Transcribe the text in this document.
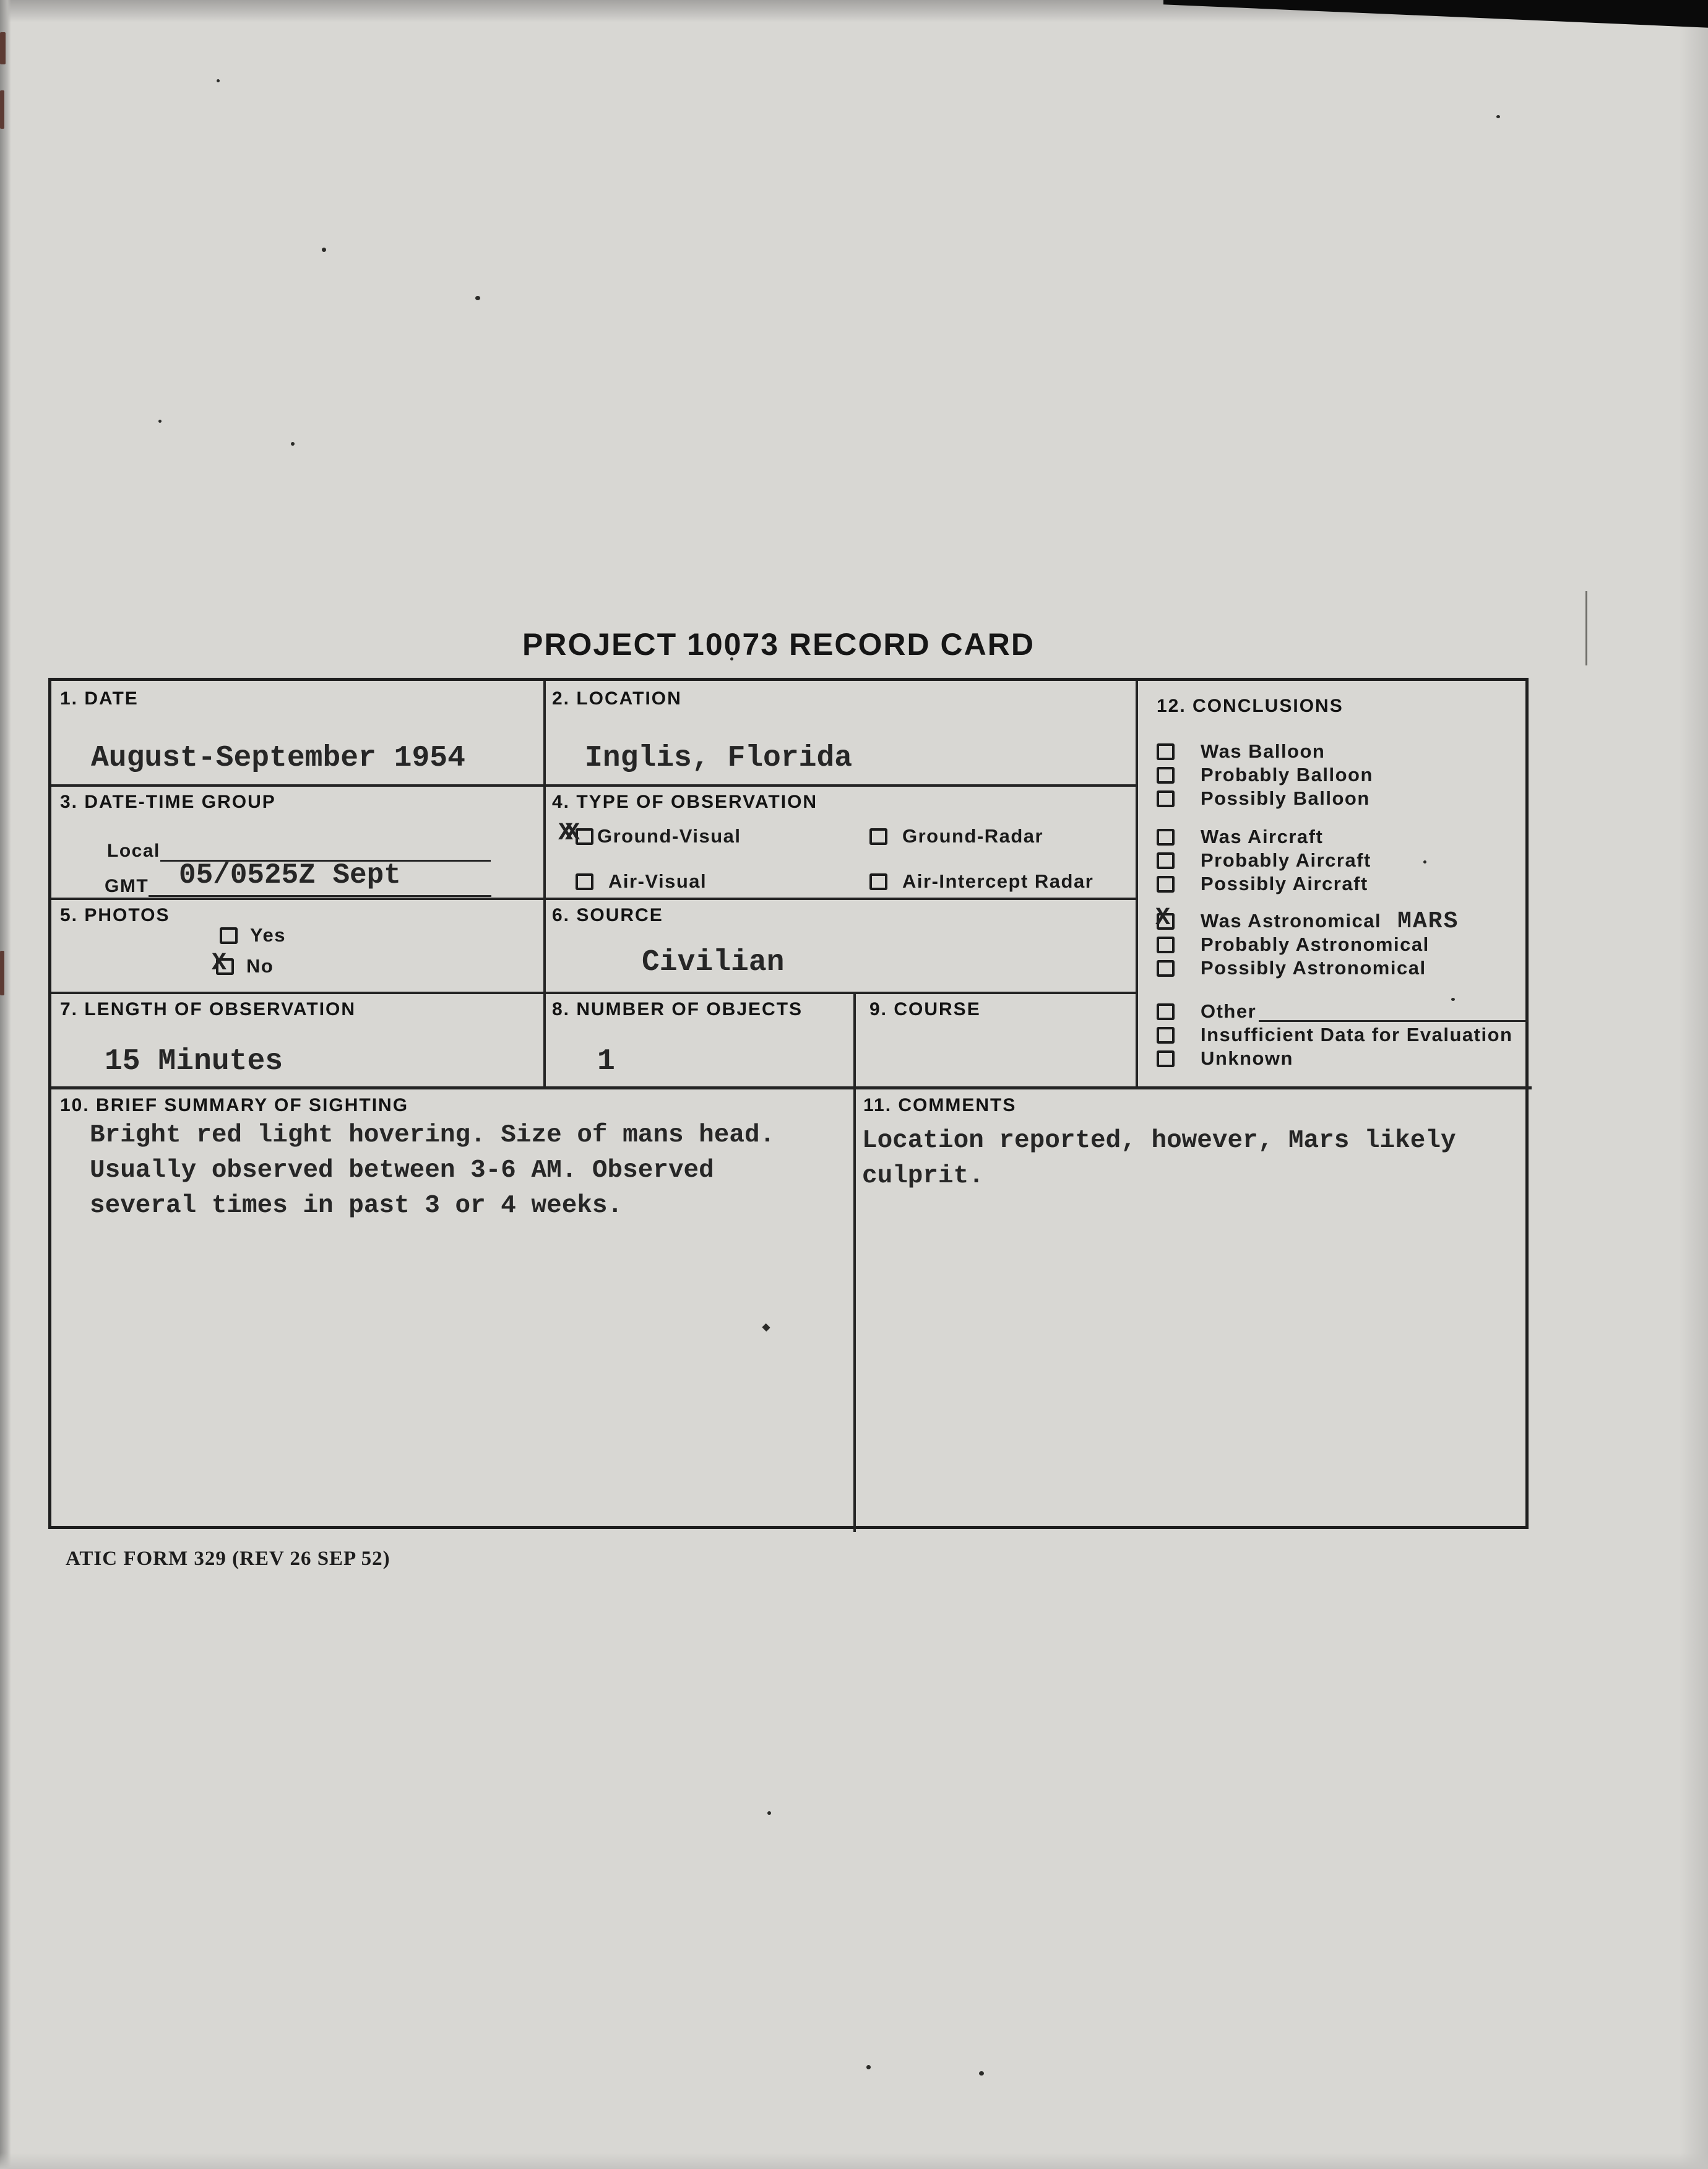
PROJECT 10073 RECORD CARD
1. DATE
August-September 1954
2. LOCATION
Inglis, Florida
3. DATE-TIME GROUP
Local
GMT 05/0525Z Sept
4. TYPE OF OBSERVATION
XX Ground-Visual	Ground-Radar
Air-Visual	Air-Intercept Radar
5. PHOTOS
Yes
X No
6. SOURCE
Civilian
7. LENGTH OF OBSERVATION
15 Minutes
8. NUMBER OF OBJECTS
1
9. COURSE
10. BRIEF SUMMARY OF SIGHTING
Bright red light hovering. Size of mans head.
Usually observed between 3-6 AM. Observed
several times in past 3 or 4 weeks.
11. COMMENTS
Location reported, however, Mars likely
culprit.
12. CONCLUSIONS
Was Balloon
Probably Balloon
Possibly Balloon
Was Aircraft
Probably Aircraft
Possibly Aircraft
X Was Astronomical MARS
Probably Astronomical
Possibly Astronomical
Other
Insufficient Data for Evaluation
Unknown
ATIC FORM 329 (REV 26 SEP 52)
